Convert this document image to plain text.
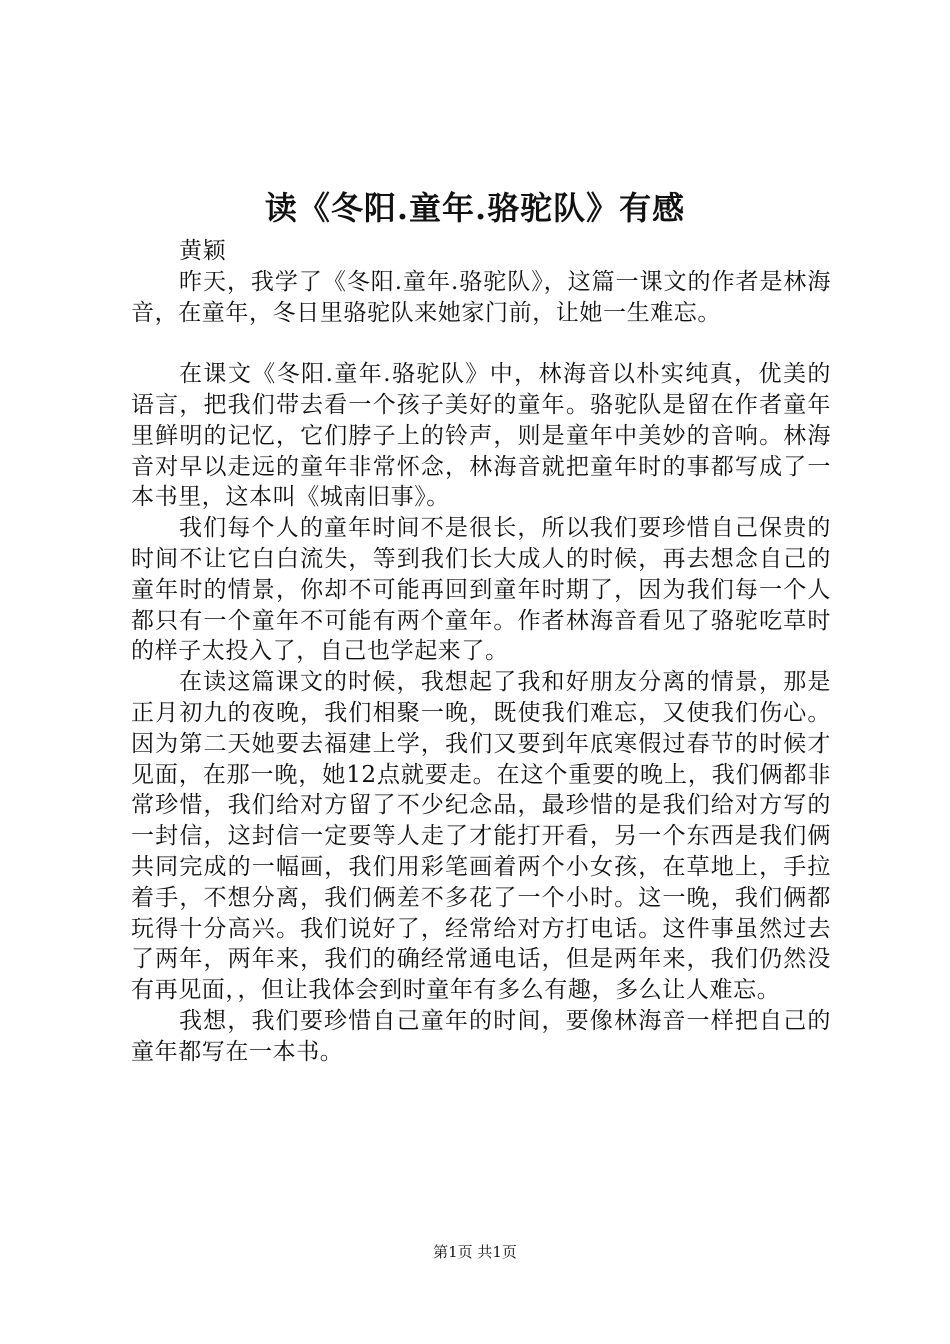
读《冬阳.童年.骆驼队》有感

黄颖

昨天，我学了《冬阳.童年.骆驼队》，这篇一课文的作者是林海音，在童年，冬日里骆驼队来她家门前，让她一生难忘。

在课文《冬阳.童年.骆驼队》中，林海音以朴实纯真，优美的语言，把我们带去看一个孩子美好的童年。骆驼队是留在作者童年里鲜明的记忆，它们脖子上的铃声，则是童年中美妙的音响。林海音对早以走远的童年非常怀念，林海音就把童年时的事都写成了一本书里，这本叫《城南旧事》。

我们每个人的童年时间不是很长，所以我们要珍惜自己保贵的时间不让它白白流失，等到我们长大成人的时候，再去想念自己的童年时的情景，你却不可能再回到童年时期了，因为我们每一个人都只有一个童年不可能有两个童年。作者林海音看见了骆驼吃草时的样子太投入了，自己也学起来了。

在读这篇课文的时候，我想起了我和好朋友分离的情景，那是正月初九的夜晚，我们相聚一晚，既使我们难忘，又使我们伤心。因为第二天她要去福建上学，我们又要到年底寒假过春节的时候才见面，在那一晚，她12点就要走。在这个重要的晚上，我们俩都非常珍惜，我们给对方留了不少纪念品，最珍惜的是我们给对方写的一封信，这封信一定要等人走了才能打开看，另一个东西是我们俩共同完成的一幅画，我们用彩笔画着两个小女孩，在草地上，手拉着手，不想分离，我们俩差不多花了一个小时。这一晚，我们俩都玩得十分高兴。我们说好了，经常给对方打电话。这件事虽然过去了两年，两年来，我们的确经常通电话，但是两年来，我们仍然没有再见面，，但让我体会到时童年有多么有趣，多么让人难忘。

我想，我们要珍惜自己童年的时间，要像林海音一样把自己的童年都写在一本书。

第1页 共1页
